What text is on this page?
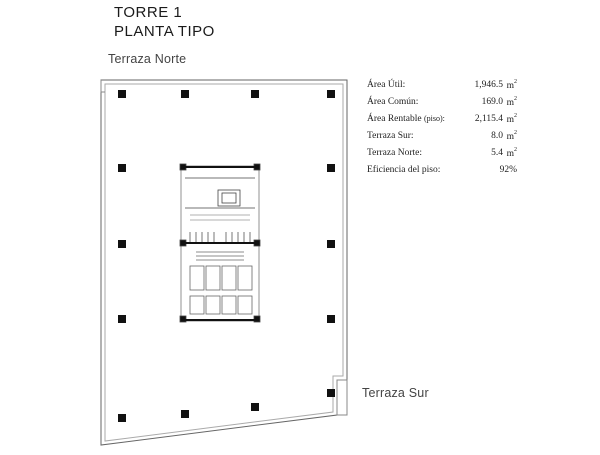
TORRE 1
PLANTA TIPO
Terraza Norte
Terraza Sur
Área Útil:	1,946.5 $m^2$
Área Común:	169.0 $m^2$
Área Rentable (piso):	2,115.4 $m^2$
Terraza Sur:	8.0 $m^2$
Terraza Norte:	5.4 $m^2$
Eficiencia del piso:	92%
